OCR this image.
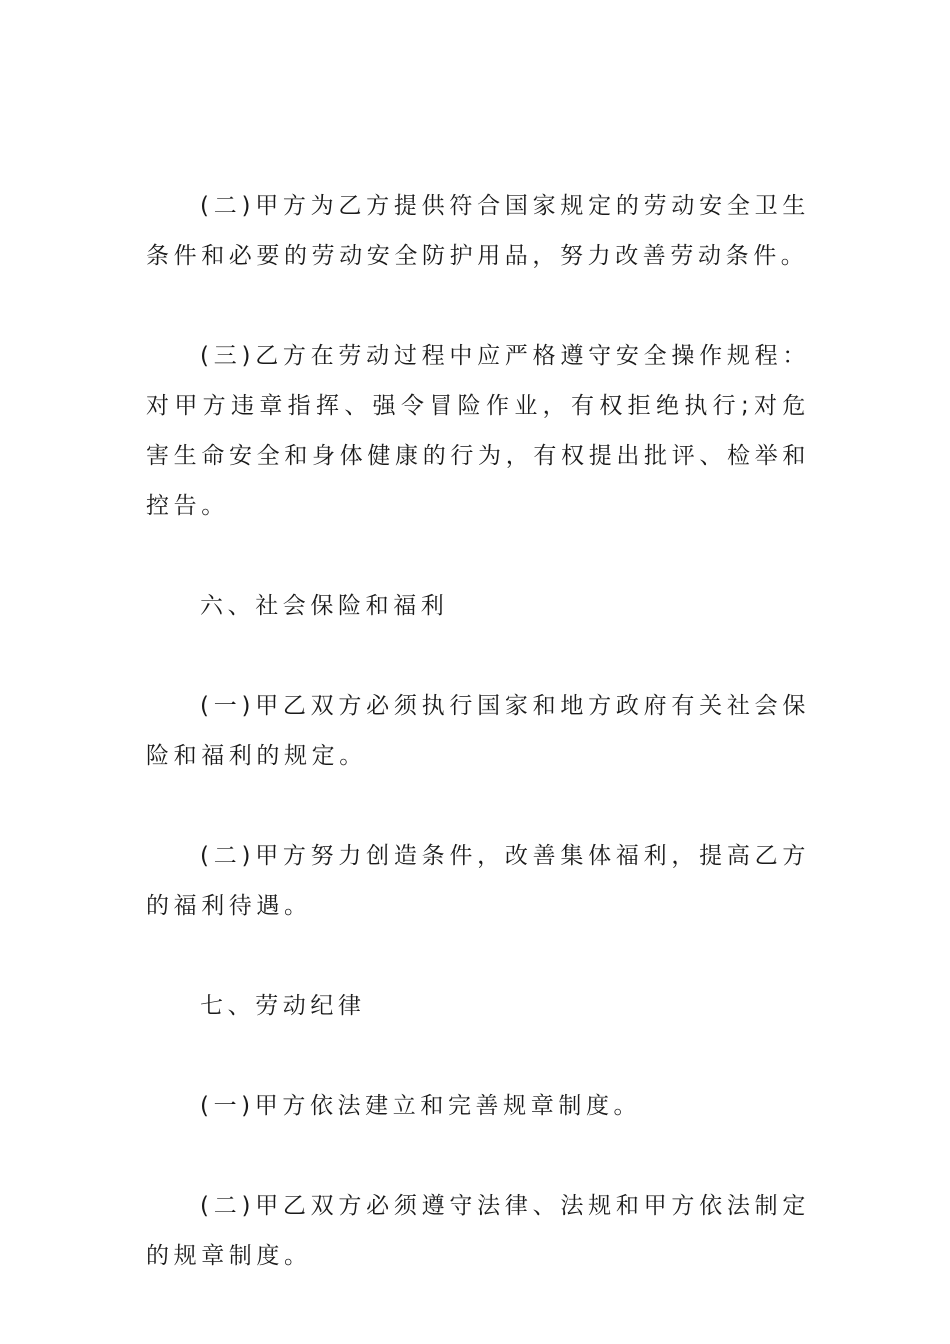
(二)甲方为乙方提供符合国家规定的劳动安全卫生条件和必要的劳动安全防护用品，努力改善劳动条件。

(三)乙方在劳动过程中应严格遵守安全操作规程：对甲方违章指挥、强令冒险作业，有权拒绝执行;对危害生命安全和身体健康的行为，有权提出批评、检举和控告。

六、社会保险和福利

(一)甲乙双方必须执行国家和地方政府有关社会保险和福利的规定。

(二)甲方努力创造条件，改善集体福利，提高乙方的福利待遇。

七、劳动纪律

(一)甲方依法建立和完善规章制度。

(二)甲乙双方必须遵守法律、法规和甲方依法制定的规章制度。
